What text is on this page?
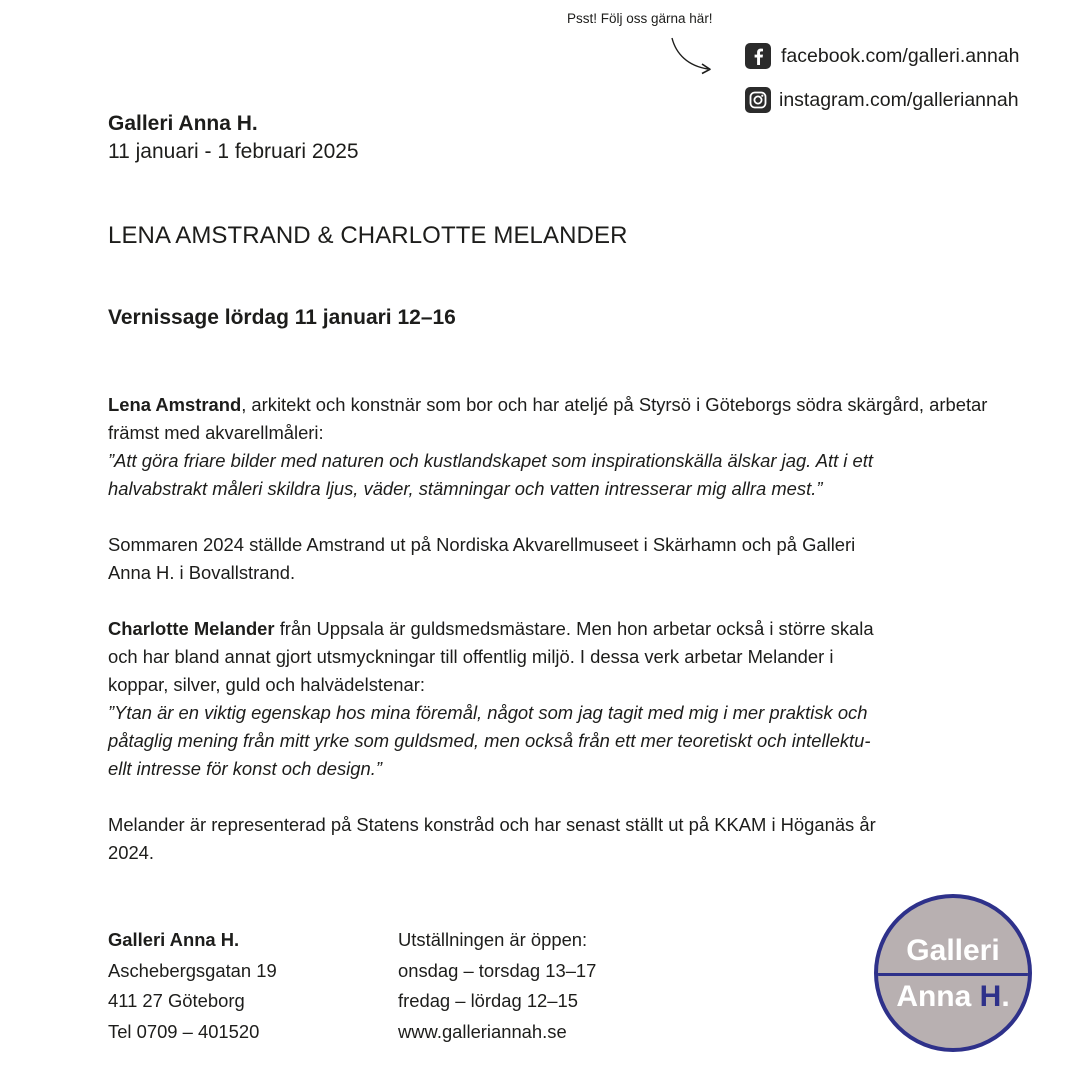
Psst! Följ oss gärna här!
facebook.com/galleri.annah
instagram.com/galleriannah
Galleri Anna H.
11 januari - 1 februari 2025
LENA AMSTRAND & CHARLOTTE MELANDER
Vernissage lördag 11 januari 12–16

Lena Amstrand, arkitekt och konstnär som bor och har ateljé på Styrsö i Göteborgs södra skärgård, arbetar främst med akvarellmåleri:

”Att göra friare bilder med naturen och kustlandskapet som inspirationskälla älskar jag. Att i ett

halvabstrakt måleri skildra ljus, väder, stämningar och vatten intresserar mig allra mest.”

Sommaren 2024 ställde Amstrand ut på Nordiska Akvarellmuseet i Skärhamn och på Galleri

Anna H. i Bovallstrand.

Charlotte Melander från Uppsala är guldsmedsmästare. Men hon arbetar också i större skala

och har bland annat gjort utsmyckningar till offentlig miljö. I dessa verk arbetar Melander i

koppar, silver, guld och halvädelstenar:

”Ytan är en viktig egenskap hos mina föremål, något som jag tagit med mig i mer praktisk och

påtaglig mening från mitt yrke som guldsmed, men också från ett mer teoretiskt och intellektu-

ellt intresse för konst och design.”

Melander är representerad på Statens konstråd och har senast ställt ut på KKAM i Höganäs år

2024.

Galleri Anna H.
Aschebergsgatan 19
411 27 Göteborg
Tel 0709 – 401520
Utställningen är öppen:
onsdag – torsdag 13–17
fredag – lördag 12–15
www.galleriannah.se
Galleri
Anna H.
